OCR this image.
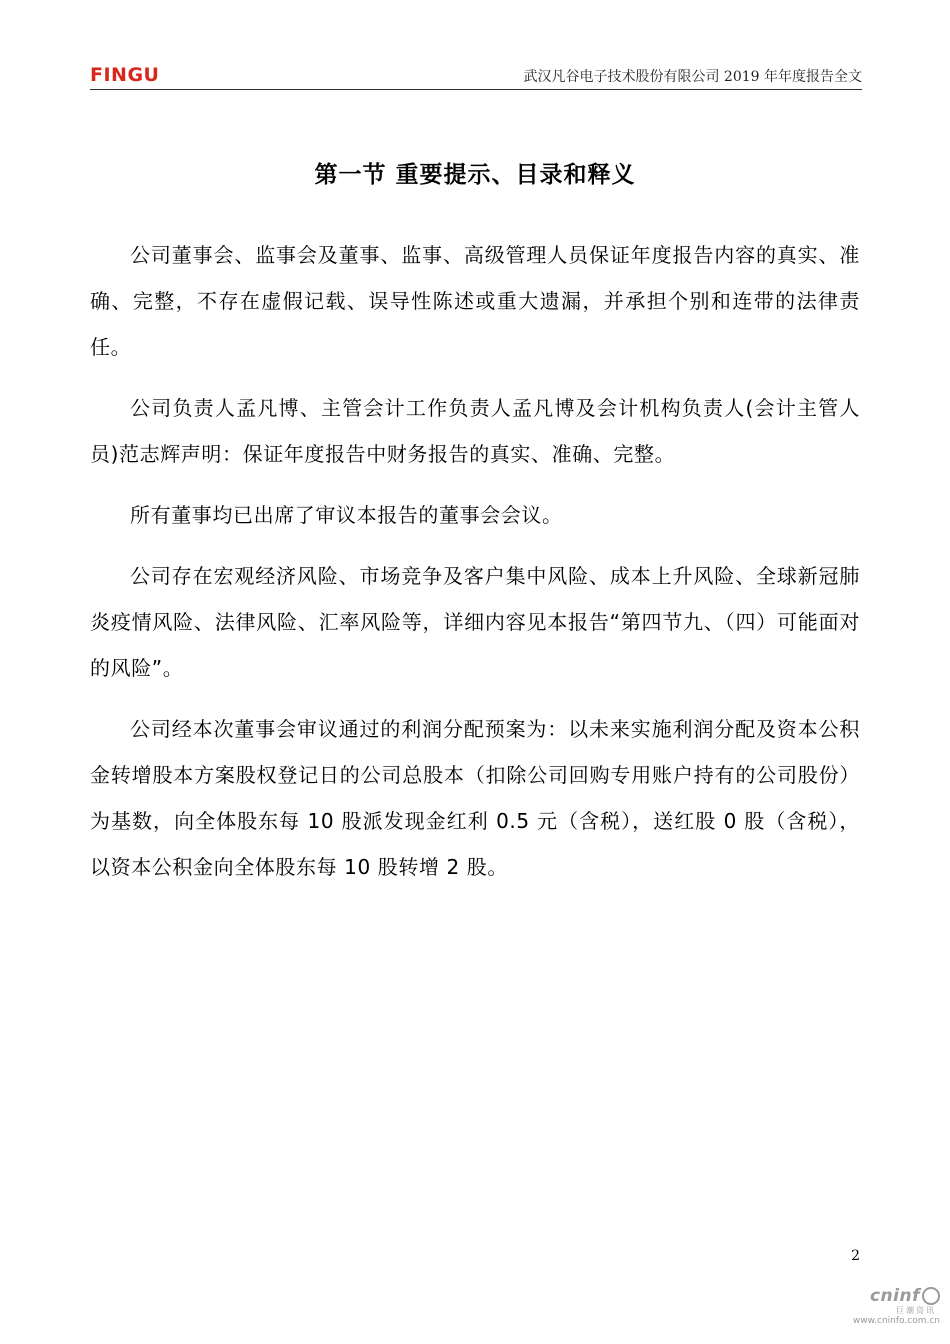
FINGU	武汉凡谷电子技术股份有限公司 2019 年年度报告全文
第一节 重要提示、目录和释义

公司董事会、监事会及董事、监事、高级管理人员保证年度报告内容的真实、准确、完整，不存在虚假记载、误导性陈述或重大遗漏，并承担个别和连带的法律责任。

公司负责人孟凡博、主管会计工作负责人孟凡博及会计机构负责人(会计主管人员)范志辉声明：保证年度报告中财务报告的真实、准确、完整。

所有董事均已出席了审议本报告的董事会会议。

公司存在宏观经济风险、市场竞争及客户集中风险、成本上升风险、全球新冠肺炎疫情风险、法律风险、汇率风险等，详细内容见本报告“第四节九、（四）可能面对的风险”。

公司经本次董事会审议通过的利润分配预案为：以未来实施利润分配及资本公积金转增股本方案股权登记日的公司总股本（扣除公司回购专用账户持有的公司股份）为基数，向全体股东每 10 股派发现金红利 0.5 元（含税），送红股 0 股（含税），以资本公积金向全体股东每 10 股转增 2 股。

2
cninf
巨潮资讯
www.cninfo.com.cn
